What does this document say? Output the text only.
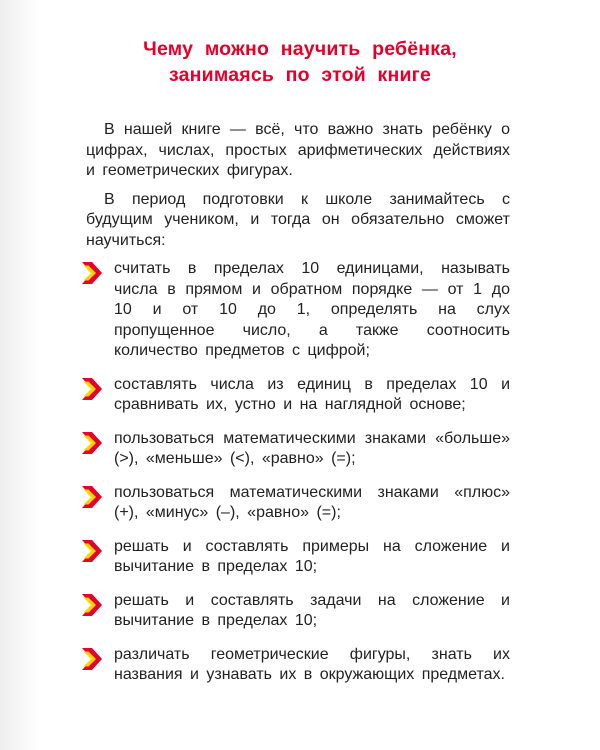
Чему можно научить ребёнка,
занимаясь по этой книге

В нашей книге — всё, что важно знать ребёнку о цифрах, числах, простых арифметических действиях и геометрических фигурах.

В период подготовки к школе занимайтесь с будущим учеником, и тогда он обязательно сможет научиться:

считать в пределах 10 единицами, называть числа в прямом и обратном порядке — от 1 до 10 и от 10 до 1, определять на слух пропущенное число, а также соотносить количество предметов с цифрой;
составлять числа из единиц в пределах 10 и сравнивать их, устно и на наглядной основе;
пользоваться математическими знаками «больше» (>), «меньше» (<), «равно» (=);
пользоваться математическими знаками «плюс» (+), «минус» (–), «равно» (=);
решать и составлять примеры на сложение и вычитание в пределах 10;
решать и составлять задачи на сложение и вычитание в пределах 10;
различать геометрические фигуры, знать их названия и узнавать их в окружающих предметах.
